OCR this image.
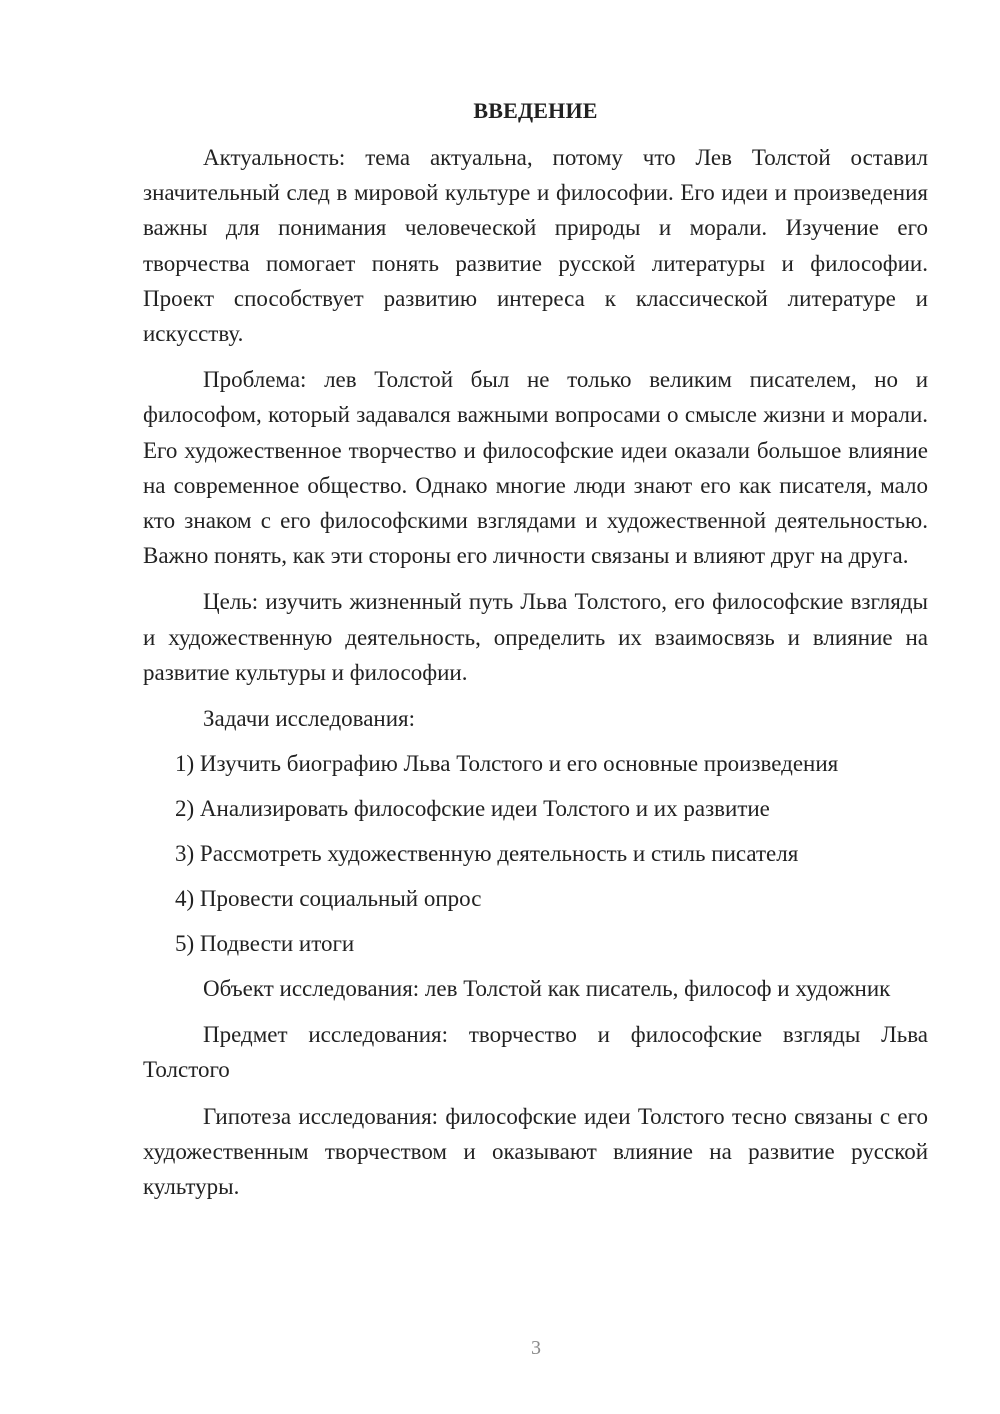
ВВЕДЕНИЕ

Актуальность: тема актуальна, потому что Лев Толстой оставил значительный след в мировой культуре и философии. Его идеи и произведения важны для понимания человеческой природы и морали. Изучение его творчества помогает понять развитие русской литературы и философии. Проект способствует развитию интереса к классической литературе и искусству.

Проблема: лев Толстой был не только великим писателем, но и философом, который задавался важными вопросами о смысле жизни и морали. Его художественное творчество и философские идеи оказали большое влияние на современное общество. Однако многие люди знают его как писателя, мало кто знаком с его философскими взглядами и художественной деятельностью. Важно понять, как эти стороны его личности связаны и влияют друг на друга.

Цель: изучить жизненный путь Льва Толстого, его философские взгляды и художественную деятельность, определить их взаимосвязь и влияние на развитие культуры и философии.

Задачи исследования:

1) Изучить биографию Льва Толстого и его основные произведения
2) Анализировать философские идеи Толстого и их развитие
3) Рассмотреть художественную деятельность и стиль писателя
4) Провести социальный опрос
5) Подвести итоги

Объект исследования: лев Толстой как писатель, философ и художник

Предмет исследования: творчество и философские взгляды Льва Толстого

Гипотеза исследования: философские идеи Толстого тесно связаны с его художественным творчеством и оказывают влияние на развитие русской культуры.

3
